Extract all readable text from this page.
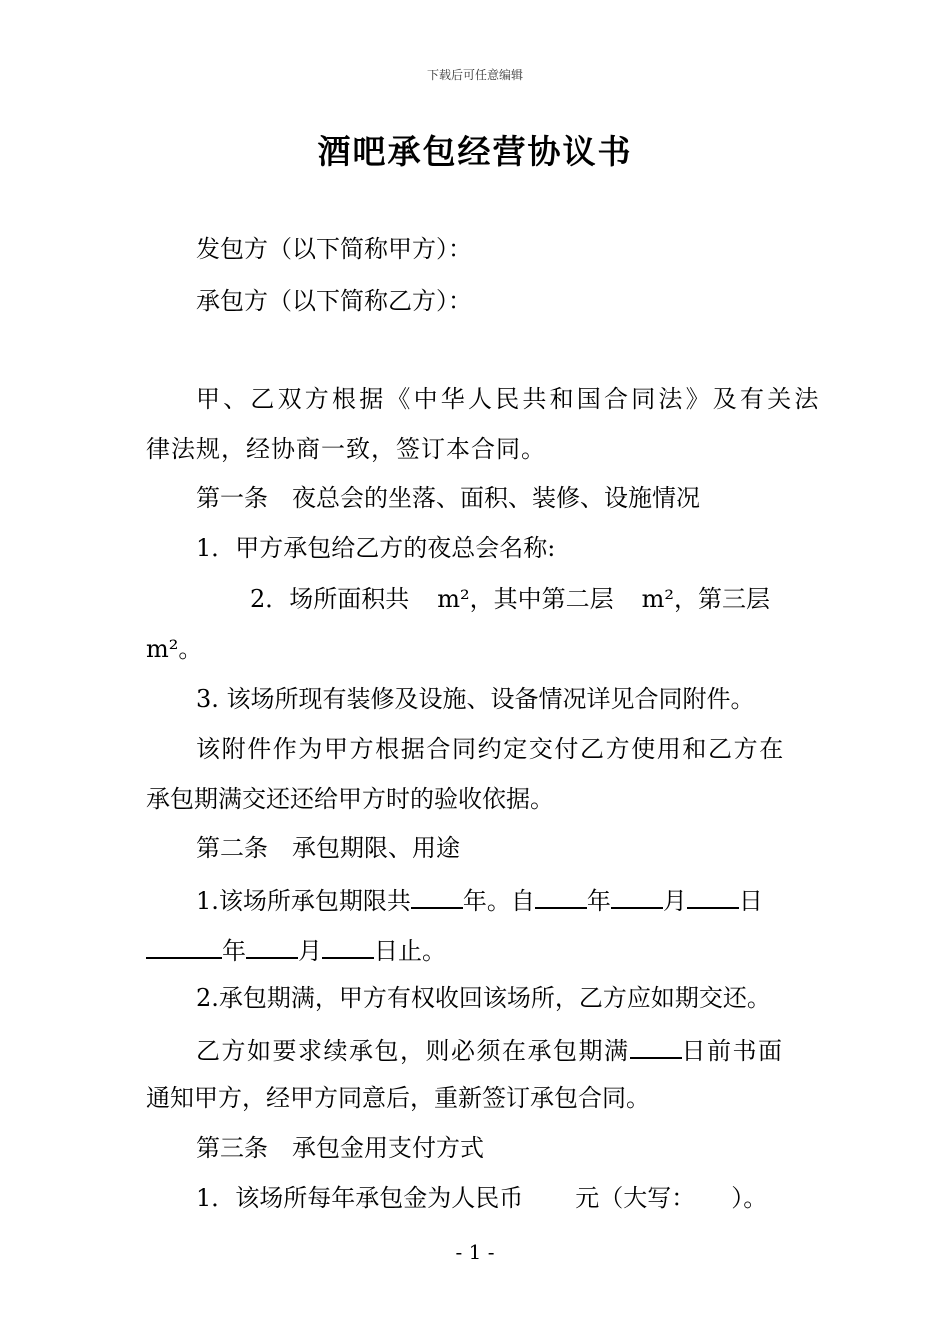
下载后可任意编辑
酒吧承包经营协议书
发包方（以下简称甲方）：
承包方（以下简称乙方）：
甲、乙双方根据《中华人民共和国合同法》及有关法
律法规，经协商一致，签订本合同。
第一条　夜总会的坐落、面积、装修、设施情况
1．甲方承包给乙方的夜总会名称:
2．场所面积共 m²，其中第二层 m²，第三层
m²。
3. 该场所现有装修及设施、设备情况详见合同附件。
该附件作为甲方根据合同约定交付乙方使用和乙方在
承包期满交还还给甲方时的验收依据。
第二条　承包期限、用途
1.该场所承包期限共 年。自 年 月 日
年 月 日止。
2.承包期满，甲方有权收回该场所，乙方应如期交还。
乙方如要求续承包，则必须在承包期满 日前书面
通知甲方，经甲方同意后，重新签订承包合同。
第三条　承包金用支付方式
1．该场所每年承包金为人民币 元（大写： ）。
- 1 -
